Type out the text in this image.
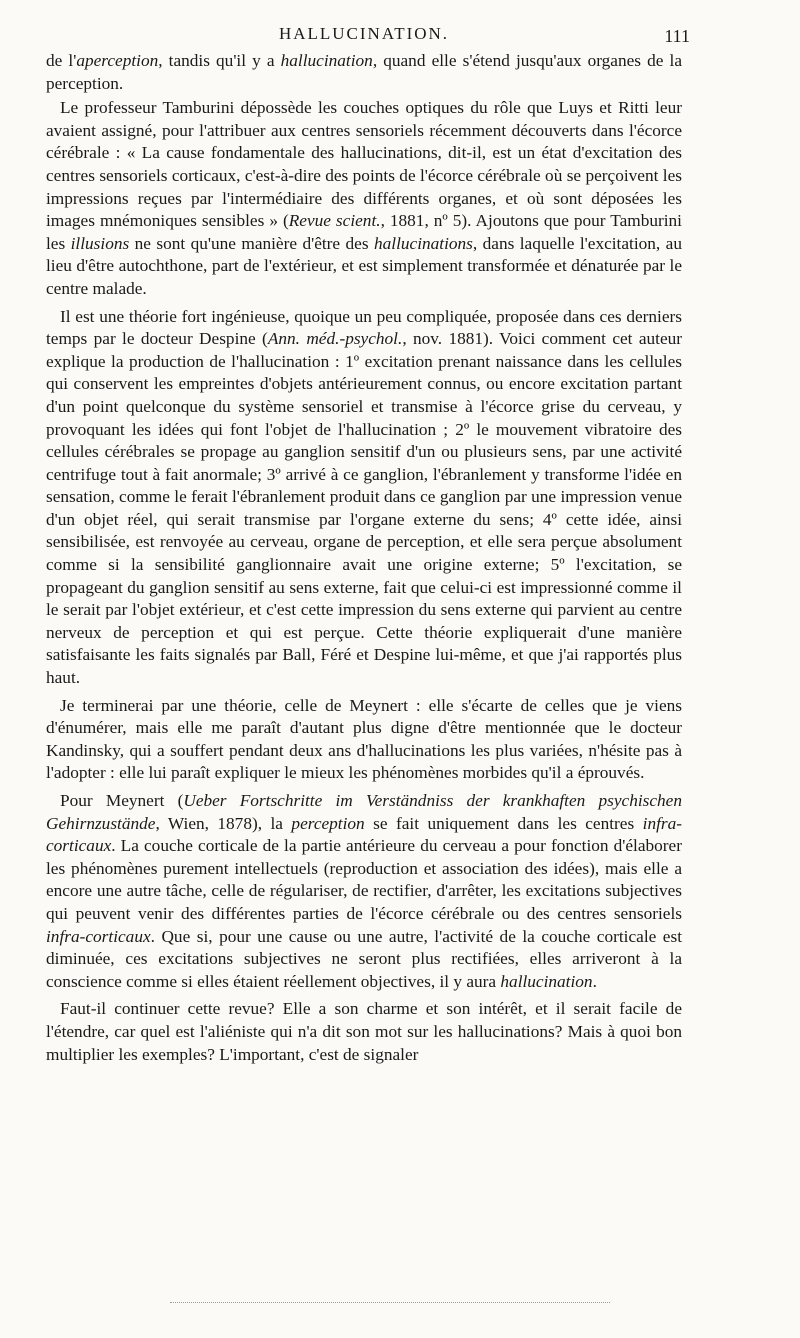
HALLUCINATION.	111

de l'aperception, tandis qu'il y a hallucination, quand elle s'étend jusqu'aux organes de la perception.

Le professeur Tamburini dépossède les couches optiques du rôle que Luys et Ritti leur avaient assigné, pour l'attribuer aux centres sensoriels récemment découverts dans l'écorce cérébrale : « La cause fondamentale des hallucinations, dit-il, est un état d'excitation des centres sensoriels corticaux, c'est-à-dire des points de l'écorce cérébrale où se perçoivent les impressions reçues par l'intermédiaire des différents organes, et où sont déposées les images mnémoniques sensibles » (Revue scient., 1881, nº 5). Ajoutons que pour Tamburini les illusions ne sont qu'une manière d'être des hallucinations, dans laquelle l'excitation, au lieu d'être autochthone, part de l'extérieur, et est simplement transformée et dénaturée par le centre malade.

Il est une théorie fort ingénieuse, quoique un peu compliquée, proposée dans ces derniers temps par le docteur Despine (Ann. méd.-psychol., nov. 1881). Voici comment cet auteur explique la production de l'hallucination : 1º excitation prenant naissance dans les cellules qui conservent les empreintes d'objets antérieurement connus, ou encore excitation partant d'un point quelconque du système sensoriel et transmise à l'écorce grise du cerveau, y provoquant les idées qui font l'objet de l'hallucination ; 2º le mouvement vibratoire des cellules cérébrales se propage au ganglion sensitif d'un ou plusieurs sens, par une activité centrifuge tout à fait anormale; 3º arrivé à ce ganglion, l'ébranlement y transforme l'idée en sensation, comme le ferait l'ébranlement produit dans ce ganglion par une impression venue d'un objet réel, qui serait transmise par l'organe externe du sens; 4º cette idée, ainsi sensibilisée, est renvoyée au cerveau, organe de perception, et elle sera perçue absolument comme si la sensibilité ganglionnaire avait une origine externe; 5º l'excitation, se propageant du ganglion sensitif au sens externe, fait que celui-ci est impressionné comme il le serait par l'objet extérieur, et c'est cette impression du sens externe qui parvient au centre nerveux de perception et qui est perçue. Cette théorie expliquerait d'une manière satisfaisante les faits signalés par Ball, Féré et Despine lui-même, et que j'ai rapportés plus haut.

Je terminerai par une théorie, celle de Meynert : elle s'écarte de celles que je viens d'énumérer, mais elle me paraît d'autant plus digne d'être mentionnée que le docteur Kandinsky, qui a souffert pendant deux ans d'hallucinations les plus variées, n'hésite pas à l'adopter : elle lui paraît expliquer le mieux les phénomènes morbides qu'il a éprouvés.

Pour Meynert (Ueber Fortschritte im Verständniss der krankhaften psychischen Gehirnzustände, Wien, 1878), la perception se fait uniquement dans les centres infra-corticaux. La couche corticale de la partie antérieure du cerveau a pour fonction d'élaborer les phénomènes purement intellectuels (reproduction et association des idées), mais elle a encore une autre tâche, celle de régulariser, de rectifier, d'arrêter, les excitations subjectives qui peuvent venir des différentes parties de l'écorce cérébrale ou des centres sensoriels infra-corticaux. Que si, pour une cause ou une autre, l'activité de la couche corticale est diminuée, ces excitations subjectives ne seront plus rectifiées, elles arriveront à la conscience comme si elles étaient réellement objectives, il y aura hallucination.

Faut-il continuer cette revue? Elle a son charme et son intérêt, et il serait facile de l'étendre, car quel est l'aliéniste qui n'a dit son mot sur les hallucinations? Mais à quoi bon multiplier les exemples? L'important, c'est de signaler
